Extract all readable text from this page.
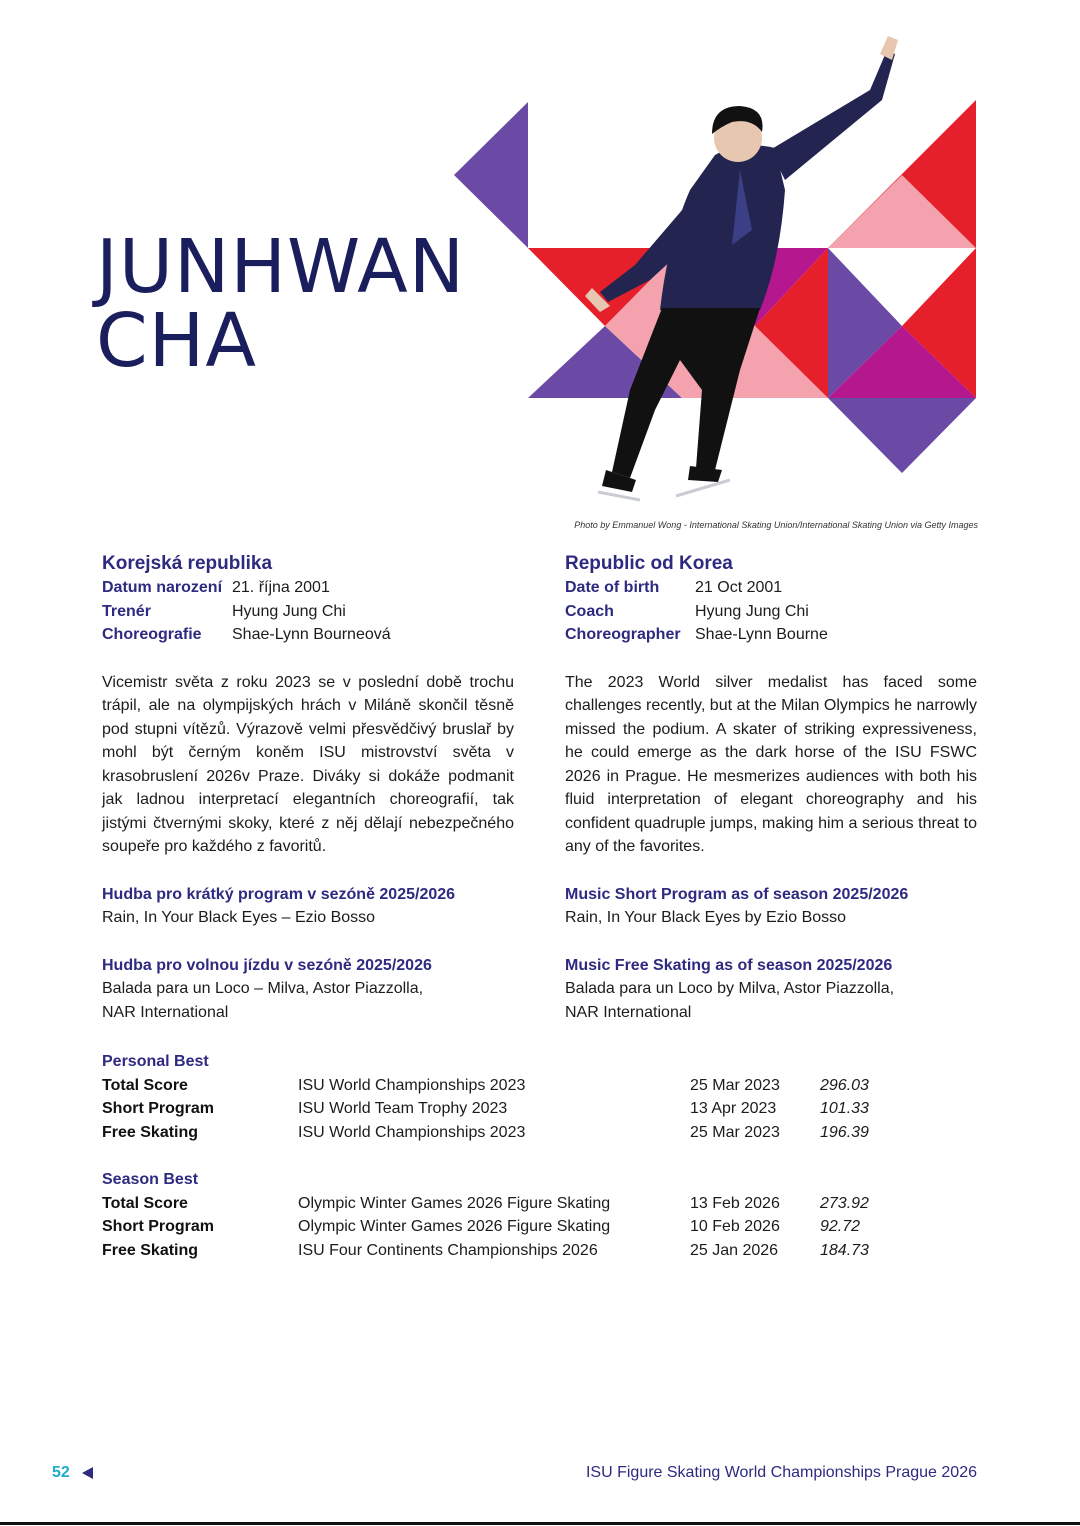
JUNHWAN
CHA
Photo by Emmanuel Wong - International Skating Union/International Skating Union via Getty Images
Korejská republika
Datum narození 21. října 2001
Trenér	Hyung Jung Chi
Choreografie	Shae-Lynn Bourneová
Vicemistr světa z roku 2023 se v poslední době trochu trápil, ale na olympijských hrách v Miláně skončil těsně pod stupni vítězů. Výrazově velmi přesvědčivý bruslař by mohl být černým koněm ISU mistrovství světa v krasobruslení 2026v Praze. Diváky si dokáže podmanit jak ladnou interpretací elegantních choreografií, tak jistými čtvernými skoky, které z něj dělají nebezpečného soupeře pro každého z favoritů.
Hudba pro krátký program v sezóně 2025/2026
Rain, In Your Black Eyes – Ezio Bosso
Hudba pro volnou jízdu v sezóně 2025/2026
Balada para un Loco – Milva, Astor Piazzolla,
NAR International
Republic od Korea
Date of birth	21 Oct 2001
Coach	Hyung Jung Chi
Choreographer Shae-Lynn Bourne
The 2023 World silver medalist has faced some challenges recently, but at the Milan Olympics he narrowly missed the podium. A skater of striking expressiveness, he could emerge as the dark horse of the ISU FSWC 2026 in Prague. He mesmerizes audiences with both his fluid interpretation of elegant choreography and his confident quadruple jumps, making him a serious threat to any of the favorites.
Music Short Program as of season 2025/2026
Rain, In Your Black Eyes by Ezio Bosso
Music Free Skating as of season 2025/2026
Balada para un Loco by Milva, Astor Piazzolla,
NAR International
Personal Best
Total Score	ISU World Championships 2023	25 Mar 2023	296.03
Short Program	ISU World Team Trophy 2023	13 Apr 2023	101.33
Free Skating	ISU World Championships 2023	25 Mar 2023	196.39
Season Best
Total Score	Olympic Winter Games 2026 Figure Skating	13 Feb 2026	273.92
Short Program	Olympic Winter Games 2026 Figure Skating	10 Feb 2026	92.72
Free Skating	ISU Four Continents Championships 2026	25 Jan 2026	184.73
52	ISU Figure Skating World Championships Prague 2026
